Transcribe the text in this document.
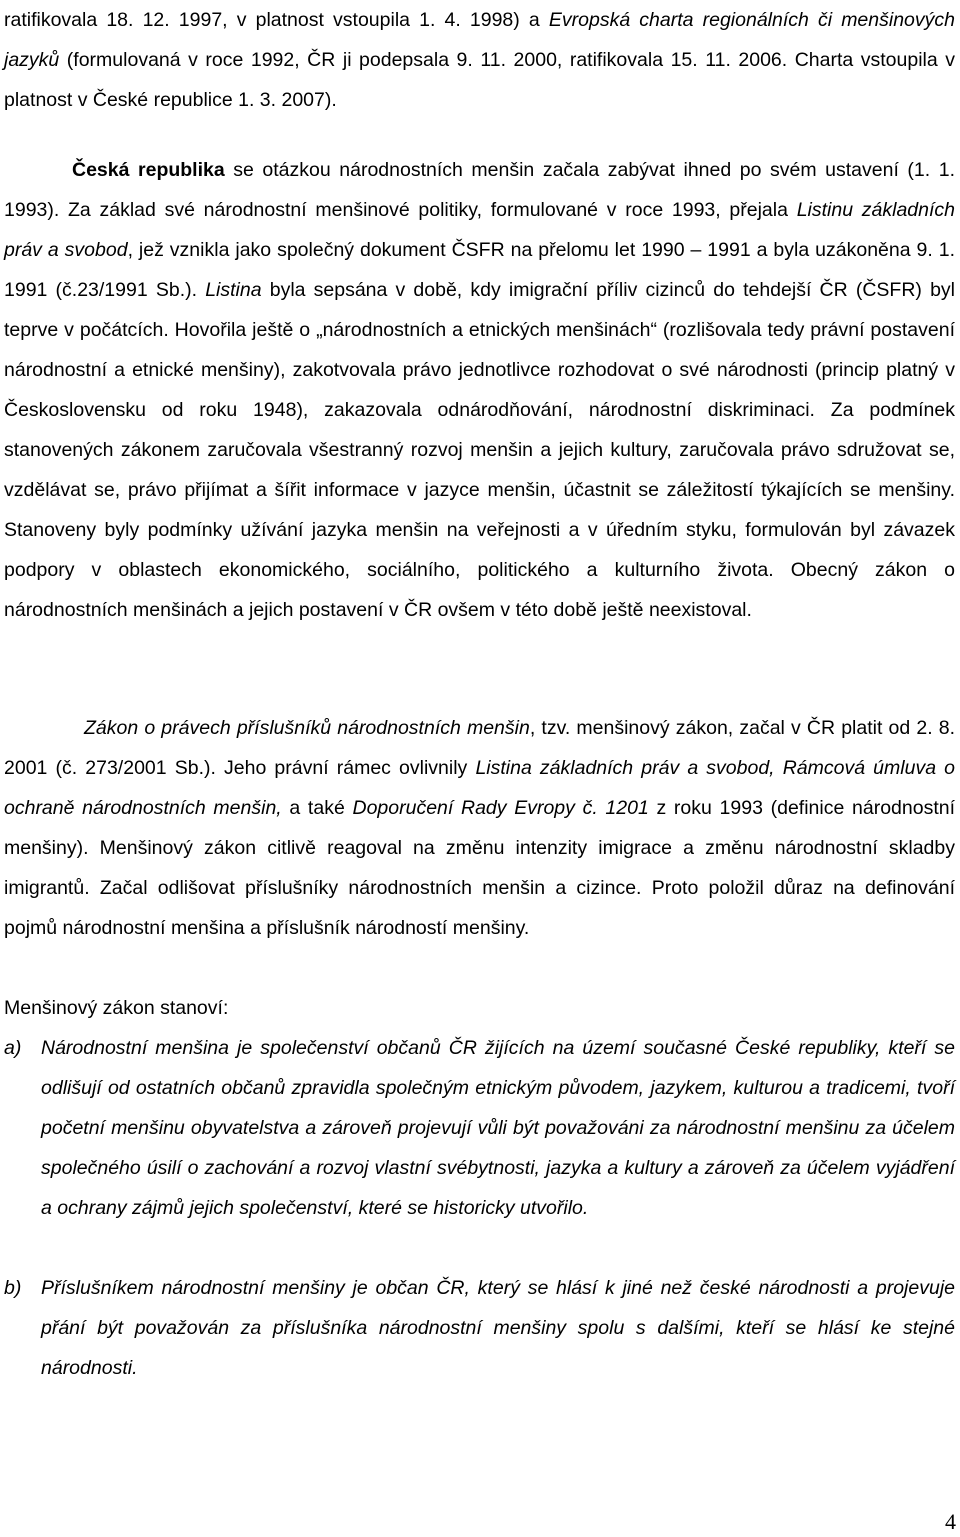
ratifikovala 18. 12. 1997, v platnost vstoupila 1. 4. 1998) a Evropská charta regionálních či menšinových jazyků (formulovaná v roce 1992, ČR ji podepsala 9. 11. 2000, ratifikovala 15. 11. 2006. Charta vstoupila v platnost v České republice 1. 3. 2007).

Česká republika se otázkou národnostních menšin začala zabývat ihned po svém ustavení (1. 1. 1993). Za základ své národnostní menšinové politiky, formulované v roce 1993, přejala Listinu základních práv a svobod, jež vznikla jako společný dokument ČSFR na přelomu let 1990 – 1991 a byla uzákoněna 9. 1. 1991 (č.23/1991 Sb.). Listina byla sepsána v době, kdy imigrační příliv cizinců do tehdejší ČR (ČSFR) byl teprve v počátcích. Hovořila ještě o „národnostních a etnických menšinách“ (rozlišovala tedy právní postavení národnostní a etnické menšiny), zakotvovala právo jednotlivce rozhodovat o své národnosti (princip platný v Československu od roku 1948), zakazovala odnárodňování, národnostní diskriminaci. Za podmínek stanovených zákonem zaručovala všestranný rozvoj menšin a jejich kultury, zaručovala právo sdružovat se, vzdělávat se, právo přijímat a šířit informace v jazyce menšin, účastnit se záležitostí týkajících se menšiny. Stanoveny byly podmínky užívání jazyka menšin na veřejnosti a v úředním styku, formulován byl závazek podpory v oblastech ekonomického, sociálního, politického a kulturního života. Obecný zákon o národnostních menšinách a jejich postavení v ČR ovšem v této době ještě neexistoval.

Zákon o právech příslušníků národnostních menšin, tzv. menšinový zákon, začal v ČR platit od 2. 8. 2001 (č. 273/2001 Sb.). Jeho právní rámec ovlivnily Listina základních práv a svobod, Rámcová úmluva o ochraně národnostních menšin, a také Doporučení Rady Evropy č. 1201 z roku 1993 (definice národnostní menšiny). Menšinový zákon citlivě reagoval na změnu intenzity imigrace a změnu národnostní skladby imigrantů. Začal odlišovat příslušníky národnostních menšin a cizince. Proto položil důraz na definování pojmů národnostní menšina a příslušník národností menšiny.

Menšinový zákon stanoví:

a) Národnostní menšina je společenství občanů ČR žijících na území současné České republiky, kteří se odlišují od ostatních občanů zpravidla společným etnickým původem, jazykem, kulturou a tradicemi, tvoří početní menšinu obyvatelstva a zároveň projevují vůli být považováni za národnostní menšinu za účelem společného úsilí o zachování a rozvoj vlastní svébytnosti, jazyka a kultury a zároveň za účelem vyjádření a ochrany zájmů jejich společenství, které se historicky utvořilo.
b) Příslušníkem národnostní menšiny je občan ČR, který se hlásí k jiné než české národnosti a projevuje přání být považován za příslušníka národnostní menšiny spolu s dalšími, kteří se hlásí ke stejné národnosti.
4
